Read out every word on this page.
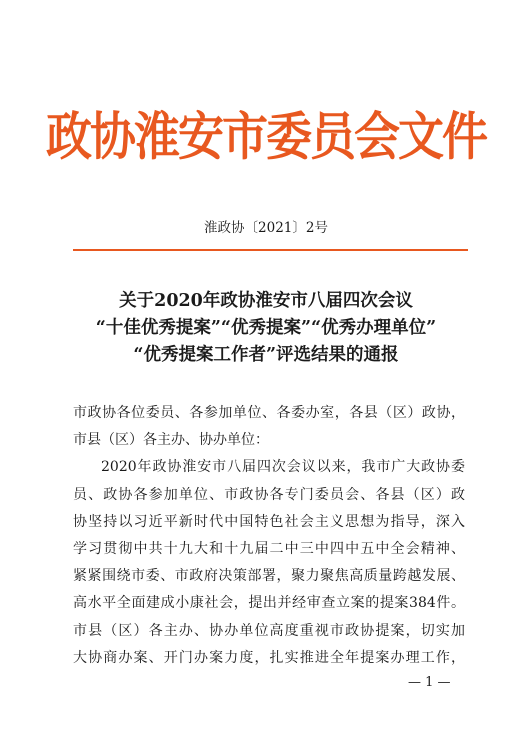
政协淮安市委员会文件
淮政协〔2021〕2号
关于2020年政协淮安市八届四次会议
“十佳优秀提案”“优秀提案”“优秀办理单位”
“优秀提案工作者”评选结果的通报

市政协各位委员、各参加单位、各委办室，各县（区）政协，
市县（区）各主办、协办单位：

2020年政协淮安市八届四次会议以来，我市广大政协委
员、政协各参加单位、市政协各专门委员会、各县（区）政
协坚持以习近平新时代中国特色社会主义思想为指导，深入
学习贯彻中共十九大和十九届二中三中四中五中全会精神、
紧紧围绕市委、市政府决策部署，聚力聚焦高质量跨越发展、
高水平全面建成小康社会，提出并经审查立案的提案384件。
市县（区）各主办、协办单位高度重视市政协提案，切实加
大协商办案、开门办案力度，扎实推进全年提案办理工作，

— 1 —
